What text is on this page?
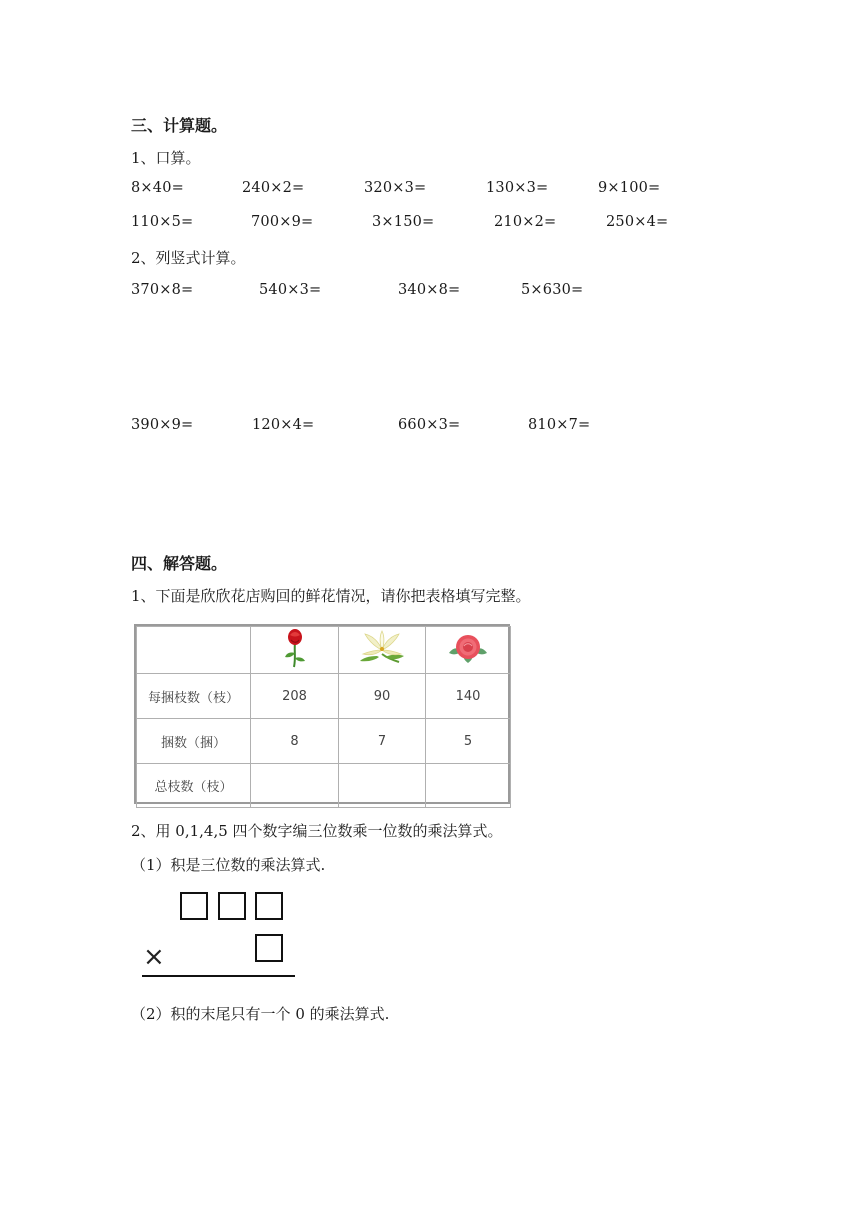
三、计算题。
1、口算。
8×40=	240×2=	320×3=	130×3=	9×100=
110×5=	700×9=	3×150=	210×2=	250×4=
2、列竖式计算。
370×8=	540×3=	340×8=	5×630=
390×9=	120×4=	660×3=	810×7=
四、解答题。
1、下面是欣欣花店购回的鲜花情况，请你把表格填写完整。

每捆枝数（枝）	208	90	140
捆数（捆）	8	7	5
总枝数（枝）			
2、用 0,1,4,5 四个数字编三位数乘一位数的乘法算式。
（1）积是三位数的乘法算式.
×
（2）积的末尾只有一个 0 的乘法算式.
